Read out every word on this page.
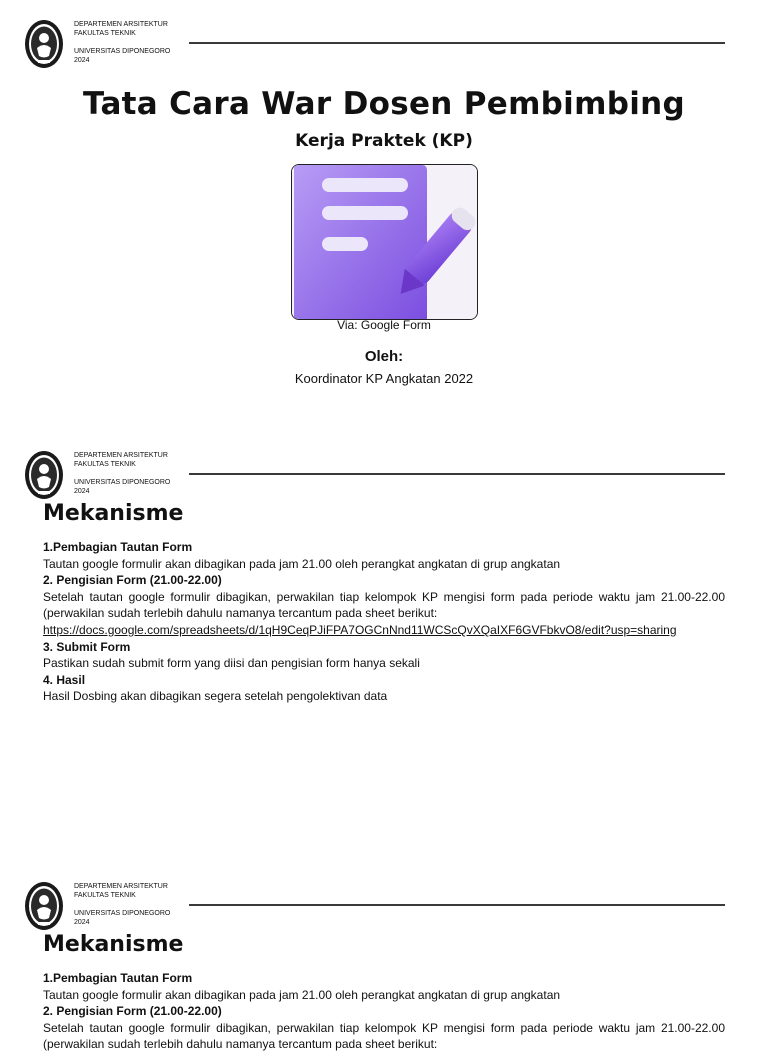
DEPARTEMEN ARSITEKTUR
FAKULTAS TEKNIK
UNIVERSITAS DIPONEGORO
2024
Tata Cara War Dosen Pembimbing
Kerja Praktek (KP)
Via: Google Form
Oleh:
Koordinator KP Angkatan 2022
DEPARTEMEN ARSITEKTUR
FAKULTAS TEKNIK
UNIVERSITAS DIPONEGORO
2024
Mekanisme
1.Pembagian Tautan Form
Tautan google formulir akan dibagikan pada jam 21.00 oleh perangkat angkatan di grup angkatan
2. Pengisian Form (21.00-22.00)
Setelah tautan google formulir dibagikan, perwakilan tiap kelompok KP mengisi form pada periode waktu jam 21.00-22.00 (perwakilan sudah terlebih dahulu namanya tercantum pada sheet berikut:
https://docs.google.com/spreadsheets/d/1qH9CeqPJiFPA7OGCnNnd11WCScQvXQaIXF6GVFbkvO8/edit?usp=sharing
3. Submit Form
Pastikan sudah submit form yang diisi dan pengisian form hanya sekali
4. Hasil
Hasil Dosbing akan dibagikan segera setelah pengolektivan data
DEPARTEMEN ARSITEKTUR
FAKULTAS TEKNIK
UNIVERSITAS DIPONEGORO
2024
Mekanisme
1.Pembagian Tautan Form
Tautan google formulir akan dibagikan pada jam 21.00 oleh perangkat angkatan di grup angkatan
2. Pengisian Form (21.00-22.00)
Setelah tautan google formulir dibagikan, perwakilan tiap kelompok KP mengisi form pada periode waktu jam 21.00-22.00 (perwakilan sudah terlebih dahulu namanya tercantum pada sheet berikut:
